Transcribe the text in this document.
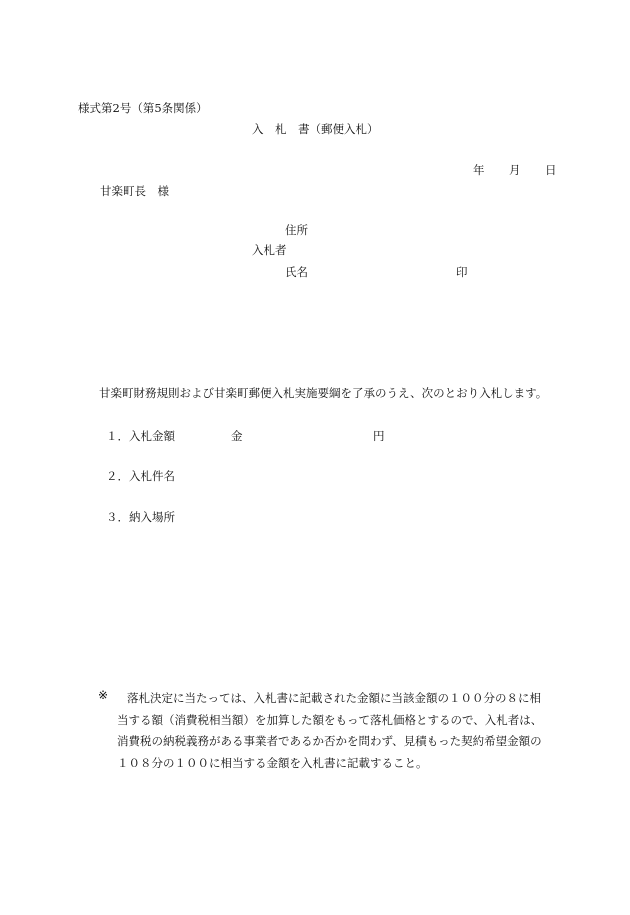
様式第2号（第5条関係）
入　札　書（郵便入札）
年 月 日
甘楽町長　様
住所
入札者
氏名	印
甘楽町財務規則および甘楽町郵便入札実施要綱を了承のうえ、次のとおり入札します。
１．入札金額	金	円
２．入札件名
３．納入場所
※	落札決定に当たっては、入札書に記載された金額に当該金額の１００分の８に相
当する額（消費税相当額）を加算した額をもって落札価格とするので、入札者は、
消費税の納税義務がある事業者であるか否かを問わず、見積もった契約希望金額の
１０８分の１００に相当する金額を入札書に記載すること。
